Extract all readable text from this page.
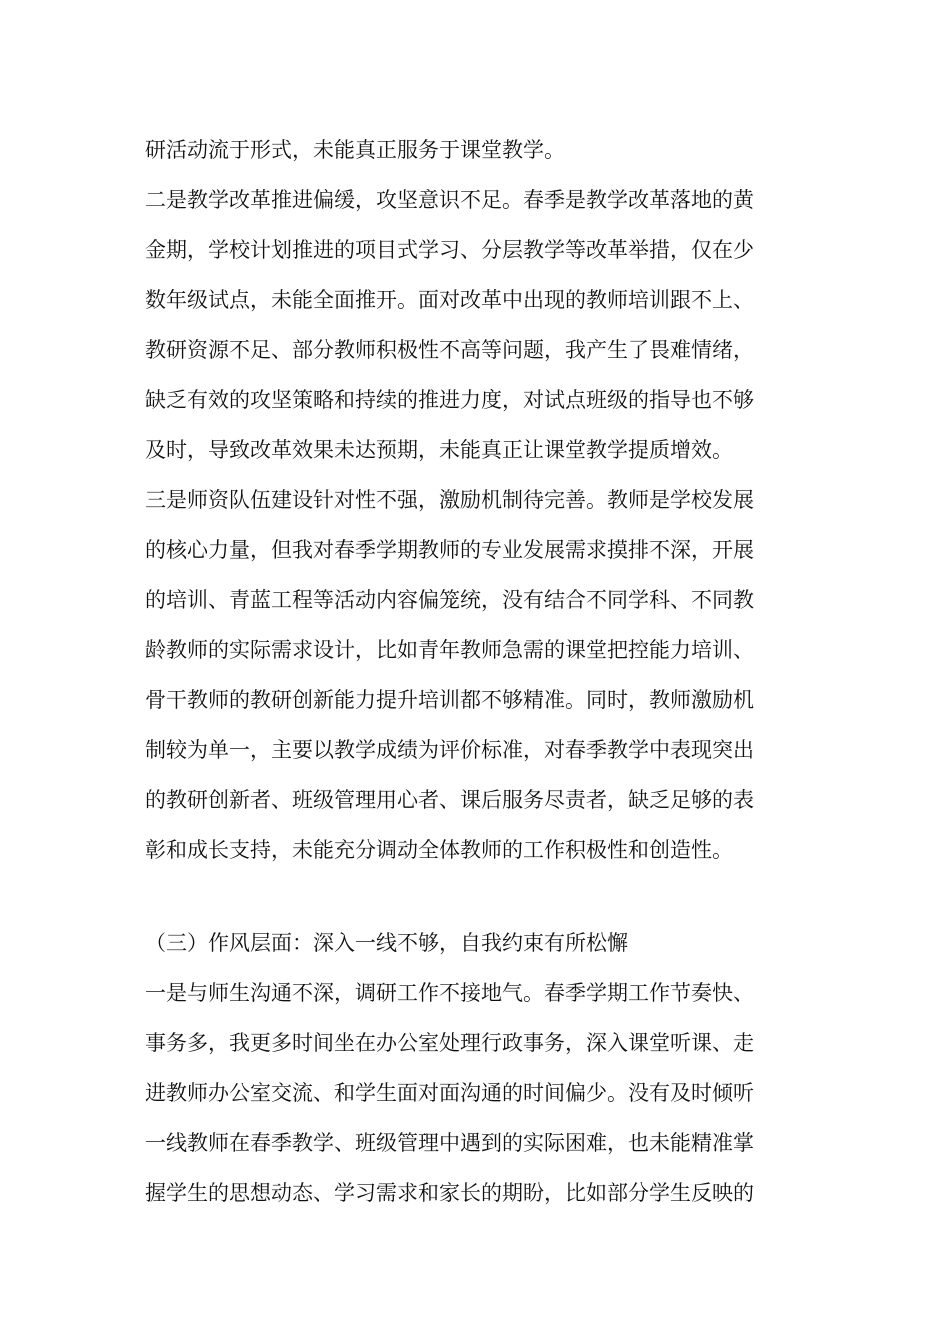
研活动流于形式，未能真正服务于课堂教学。
二是教学改革推进偏缓，攻坚意识不足。春季是教学改革落地的黄
金期，学校计划推进的项目式学习、分层教学等改革举措，仅在少
数年级试点，未能全面推开。面对改革中出现的教师培训跟不上、
教研资源不足、部分教师积极性不高等问题，我产生了畏难情绪，
缺乏有效的攻坚策略和持续的推进力度，对试点班级的指导也不够
及时，导致改革效果未达预期，未能真正让课堂教学提质增效。
三是师资队伍建设针对性不强，激励机制待完善。教师是学校发展
的核心力量，但我对春季学期教师的专业发展需求摸排不深，开展
的培训、青蓝工程等活动内容偏笼统，没有结合不同学科、不同教
龄教师的实际需求设计，比如青年教师急需的课堂把控能力培训、
骨干教师的教研创新能力提升培训都不够精准。同时，教师激励机
制较为单一，主要以教学成绩为评价标准，对春季教学中表现突出
的教研创新者、班级管理用心者、课后服务尽责者，缺乏足够的表
彰和成长支持，未能充分调动全体教师的工作积极性和创造性。
（三）作风层面：深入一线不够，自我约束有所松懈
一是与师生沟通不深，调研工作不接地气。春季学期工作节奏快、
事务多，我更多时间坐在办公室处理行政事务，深入课堂听课、走
进教师办公室交流、和学生面对面沟通的时间偏少。没有及时倾听
一线教师在春季教学、班级管理中遇到的实际困难，也未能精准掌
握学生的思想动态、学习需求和家长的期盼，比如部分学生反映的
